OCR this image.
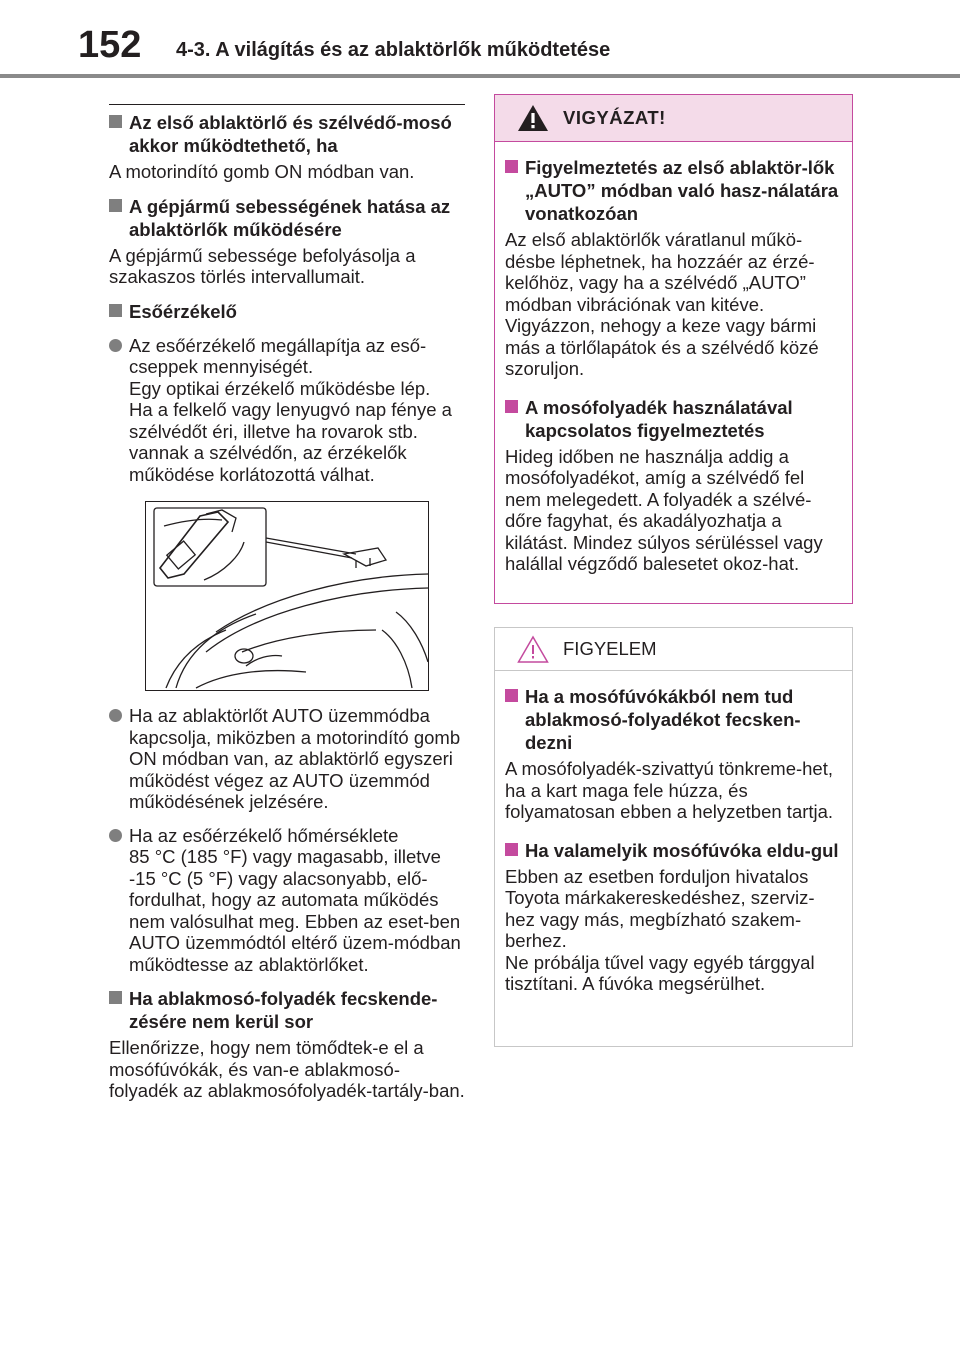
152 4-3. A világítás és az ablaktörlők működtetése
Az első ablaktörlő és szélvédő-mosó akkor működtethető, ha
A motorindító gomb ON módban van.
A gépjármű sebességének hatása az ablaktörlők működésére
A gépjármű sebessége befolyásolja a szakaszos törlés intervallumait.
Esőérzékelő
Az esőérzékelő megállapítja az eső-
cseppek mennyiségét.
Egy optikai érzékelő működésbe lép.
Ha a felkelő vagy lenyugvó nap fénye a szélvédőt éri, illetve ha rovarok stb. vannak a szélvédőn, az érzékelők működése korlátozottá válhat.
Ha az ablaktörlőt AUTO üzemmódba kapcsolja, miközben a motorindító gomb ON módban van, az ablaktörlő egyszeri működést végez az AUTO üzemmód működésének jelzésére.
Ha az esőérzékelő hőmérséklete
85 °C (185 °F) vagy magasabb, illetve -15 °C (5 °F) vagy alacsonyabb, elő-fordulhat, hogy az automata működés nem valósulhat meg. Ebben az eset-ben AUTO üzemmódtól eltérő üzem-módban működtesse az ablaktörlőket.
Ha ablakmosó-folyadék fecskende-zésére nem kerül sor
Ellenőrizze, hogy nem tömődtek-e el a mosófúvókák, és van-e ablakmosó-folyadék az ablakmosófolyadék-tartály-ban.
VIGYÁZAT!
Figyelmeztetés az első ablaktör-lők „AUTO” módban való hasz-nálatára vonatkozóan
Az első ablaktörlők váratlanul műkö-désbe léphetnek, ha hozzáér az érzé-kelőhöz, vagy ha a szélvédő „AUTO” módban vibrációnak van kitéve. Vigyázzon, nehogy a keze vagy bármi más a törlőlapátok és a szélvédő közé szoruljon.
A mosófolyadék használatával kapcsolatos figyelmeztetés
Hideg időben ne használja addig a mosófolyadékot, amíg a szélvédő fel nem melegedett. A folyadék a szélvé-dőre fagyhat, és akadályozhatja a kilátást. Mindez súlyos sérüléssel vagy halállal végződő balesetet okoz-hat.
FIGYELEM
Ha a mosófúvókákból nem tud ablakmosó-folyadékot fecsken-dezni
A mosófolyadék-szivattyú tönkreme-het, ha a kart maga fele húzza, és folyamatosan ebben a helyzetben tartja.
Ha valamelyik mosófúvóka eldu-gul
Ebben az esetben forduljon hivatalos Toyota márkakereskedéshez, szerviz-hez vagy más, megbízható szakem-berhez.
Ne próbálja tűvel vagy egyéb tárggyal tisztítani. A fúvóka megsérülhet.
